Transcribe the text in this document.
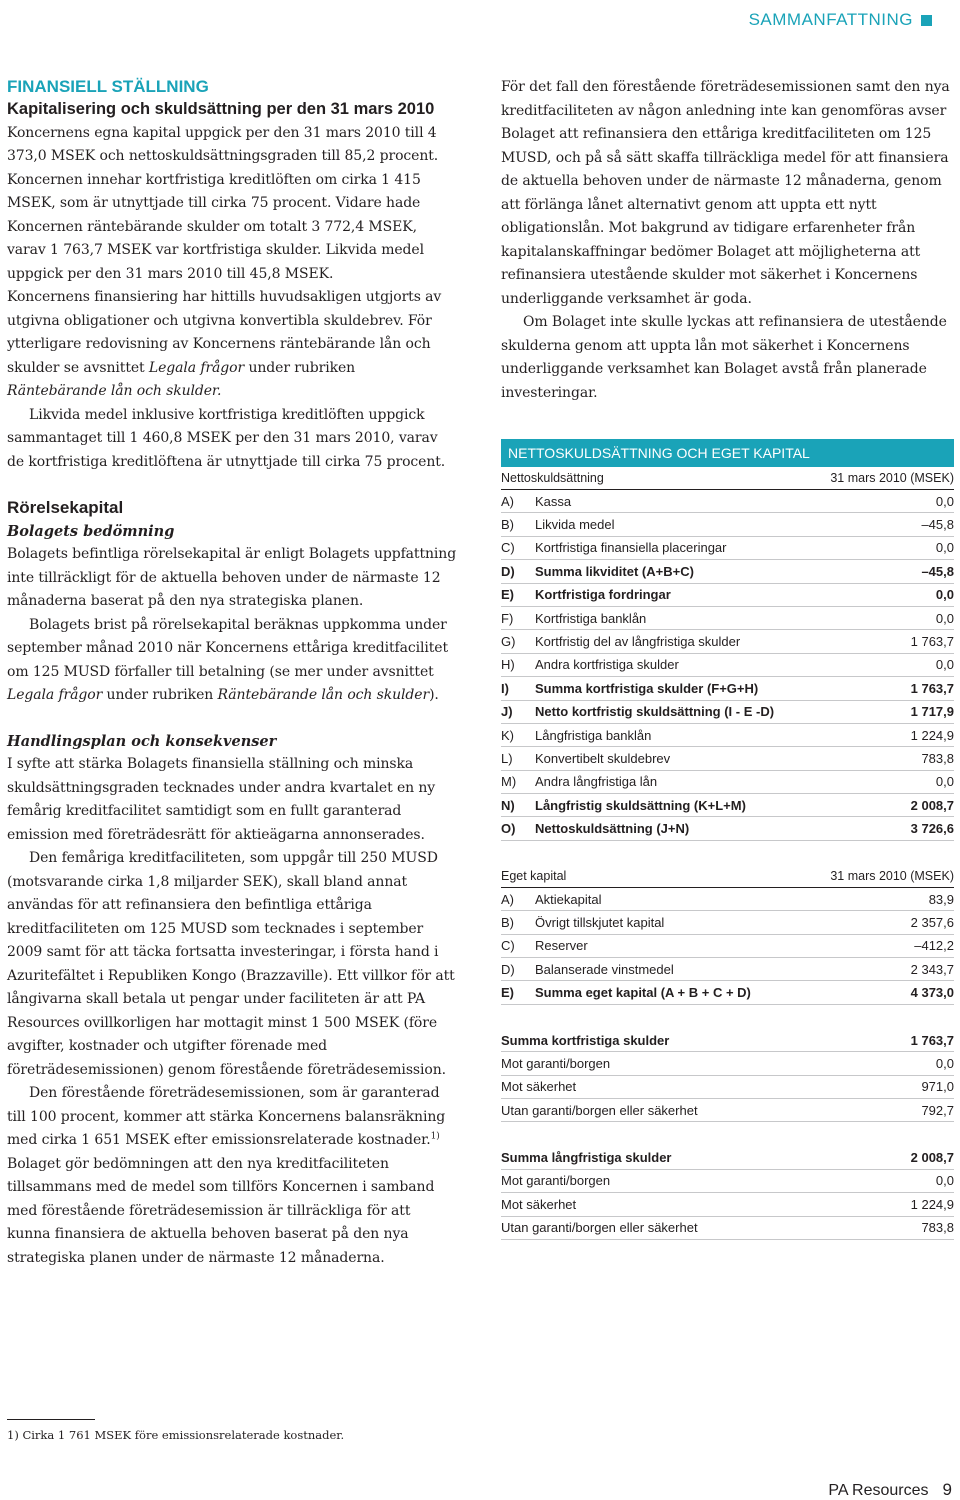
SAMMANFATTNING
FINANSIELL STÄLLNING
Kapitalisering och skuldsättning per den 31 mars 2010

Koncernens egna kapital uppgick per den 31 mars 2010 till 4 373,0 MSEK och nettoskuldsättningsgraden till 85,2 procent. Koncernen innehar kortfristiga kreditlöften om cirka 1 415 MSEK, som är utnyttjade till cirka 75 procent. Vidare hade Koncernen räntebärande skulder om totalt 3 772,4 MSEK, varav 1 763,7 MSEK var kortfristiga skulder. Likvida medel uppgick per den 31 mars 2010 till 45,8 MSEK.

Koncernens finansiering har hittills huvudsakligen utgjorts av utgivna obligationer och utgivna konvertibla skuldebrev. För ytterligare redovisning av Koncernens räntebärande lån och skulder se avsnittet Legala frågor under rubriken Räntebärande lån och skulder.

Likvida medel inklusive kortfristiga kreditlöften uppgick sammantaget till 1 460,8 MSEK per den 31 mars 2010, varav de kortfristiga kreditlöftena är utnyttjade till cirka 75 procent.

Rörelsekapital
Bolagets bedömning

Bolagets befintliga rörelsekapital är enligt Bolagets uppfattning inte tillräckligt för de aktuella behoven under de närmaste 12 månaderna baserat på den nya strategiska planen.

Bolagets brist på rörelsekapital beräknas uppkomma under september månad 2010 när Koncernens ettåriga kreditfacilitet om 125 MUSD förfaller till betalning (se mer under avsnittet Legala frågor under rubriken Räntebärande lån och skulder).

Handlingsplan och konsekvenser

I syfte att stärka Bolagets finansiella ställning och minska skuldsättningsgraden tecknades under andra kvartalet en ny femårig kreditfacilitet samtidigt som en fullt garanterad emission med företrädesrätt för aktieägarna annonserades.

Den femåriga kreditfaciliteten, som uppgår till 250 MUSD (motsvarande cirka 1,8 miljarder SEK), skall bland annat användas för att refinansiera den befintliga ettåriga kreditfaciliteten om 125 MUSD som tecknades i september 2009 samt för att täcka fortsatta investeringar, i första hand i Azuritefältet i Republiken Kongo (Brazzaville). Ett villkor för att långivarna skall betala ut pengar under faciliteten är att PA Resources ovillkorligen har mottagit minst 1 500 MSEK (före avgifter, kostnader och utgifter förenade med företrädesemissionen) genom förestående företrädesemission.

Den förestående företrädesemissionen, som är garanterad till 100 procent, kommer att stärka Koncernens balansräkning med cirka 1 651 MSEK efter emissionsrelaterade kostnader.$^{1)}$ Bolaget gör bedömningen att den nya kreditfaciliteten tillsammans med de medel som tillförs Koncernen i samband med förestående företrädesemission är tillräckliga för att kunna finansiera de aktuella behoven baserat på den nya strategiska planen under de närmaste 12 månaderna.

För det fall den förestående företrädesemissionen samt den nya kreditfaciliteten av någon anledning inte kan genomföras avser Bolaget att refinansiera den ettåriga kreditfaciliteten om 125 MUSD, och på så sätt skaffa tillräckliga medel för att finansiera de aktuella behoven under de närmaste 12 månaderna, genom att förlänga lånet alternativt genom att uppta ett nytt obligationslån. Mot bakgrund av tidigare erfarenheter från kapitalanskaffningar bedömer Bolaget att möjligheterna att refinansiera utestående skulder mot säkerhet i Koncernens underliggande verksamhet är goda.

Om Bolaget inte skulle lyckas att refinansiera de utestående skulderna genom att uppta lån mot säkerhet i Koncernens underliggande verksamhet kan Bolaget avstå från planerade investeringar.

NETTOSKULDSÄTTNING OCH EGET KAPITAL
Nettoskuldsättning		31 mars 2010 (MSEK)
A)	Kassa	0,0
B)	Likvida medel	–45,8
C)	Kortfristiga finansiella placeringar	0,0
D)	Summa likviditet (A+B+C)	–45,8
E)	Kortfristiga fordringar	0,0
F)	Kortfristiga banklån	0,0
G)	Kortfristig del av långfristiga skulder	1 763,7
H)	Andra kortfristiga skulder	0,0
I)	Summa kortfristiga skulder (F+G+H)	1 763,7
J)	Netto kortfristig skuldsättning (I - E -D)	1 717,9
K)	Långfristiga banklån	1 224,9
L)	Konvertibelt skuldebrev	783,8
M)	Andra långfristiga lån	0,0
N)	Långfristig skuldsättning (K+L+M)	2 008,7
O)	Nettoskuldsättning (J+N)	3 726,6
Eget kapital		31 mars 2010 (MSEK)
A)	Aktiekapital	83,9
B)	Övrigt tillskjutet kapital	2 357,6
C)	Reserver	–412,2
D)	Balanserade vinstmedel	2 343,7
E)	Summa eget kapital (A + B + C + D)	4 373,0
Summa kortfristiga skulder	1 763,7
Mot garanti/borgen	0,0
Mot säkerhet	971,0
Utan garanti/borgen eller säkerhet	792,7
Summa långfristiga skulder	2 008,7
Mot garanti/borgen	0,0
Mot säkerhet	1 224,9
Utan garanti/borgen eller säkerhet	783,8
1) Cirka 1 761 MSEK före emissionsrelaterade kostnader.
PA Resources 9
